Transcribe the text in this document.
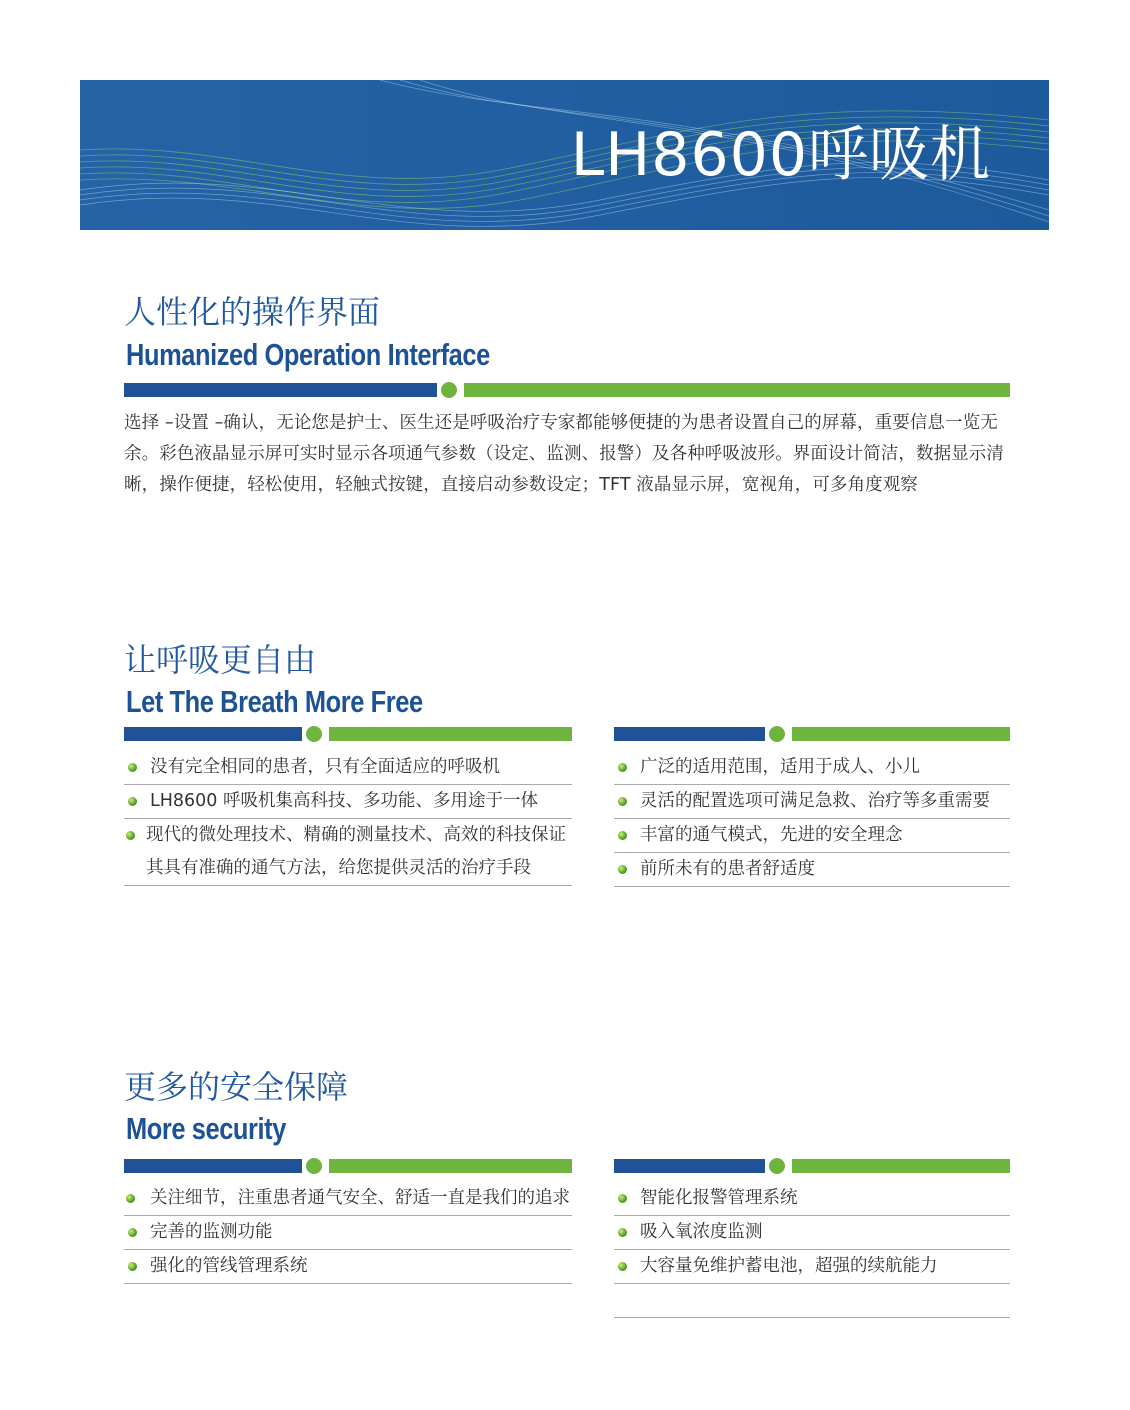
LH8600呼吸机
人性化的操作界面
Humanized Operation Interface
选择 –设置 –确认，无论您是护士、医生还是呼吸治疗专家都能够便捷的为患者设置自己的屏幕，重要信息一览无余。彩色液晶显示屏可实时显示各项通气参数（设定、监测、报警）及各种呼吸波形。界面设计简洁，数据显示清晰，操作便捷，轻松使用，轻触式按键，直接启动参数设定；TFT 液晶显示屏，宽视角，可多角度观察
让呼吸更自由
Let The Breath More Free
没有完全相同的患者，只有全面适应的呼吸机
LH8600 呼吸机集高科技、多功能、多用途于一体
现代的微处理技术、精确的测量技术、高效的科技保证其具有准确的通气方法，给您提供灵活的治疗手段
广泛的适用范围，适用于成人、小儿
灵活的配置选项可满足急救、治疗等多重需要
丰富的通气模式，先进的安全理念
前所未有的患者舒适度
更多的安全保障
More security
关注细节，注重患者通气安全、舒适一直是我们的追求
完善的监测功能
强化的管线管理系统
智能化报警管理系统
吸入氧浓度监测
大容量免维护蓄电池，超强的续航能力
